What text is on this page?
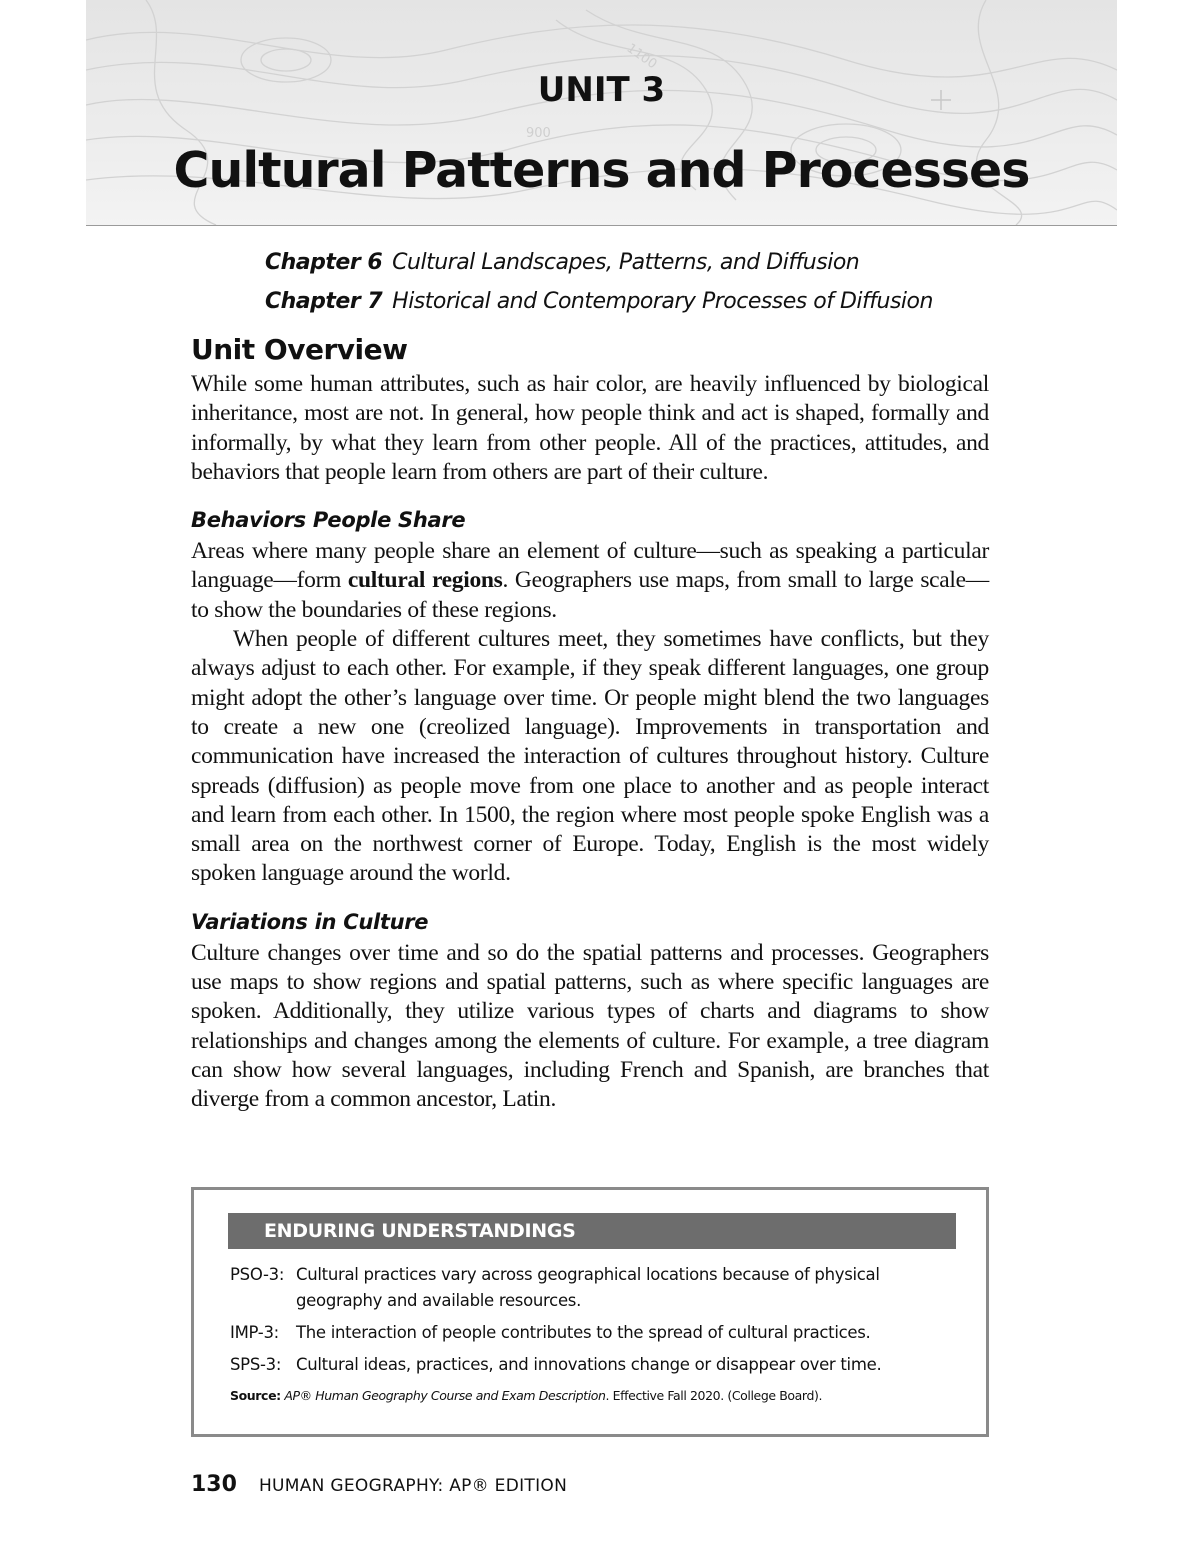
1100
900
UNIT 3
Cultural Patterns and Processes
Chapter 6 Cultural Landscapes, Patterns, and Diffusion
Chapter 7 Historical and Contemporary Processes of Diffusion
Unit Overview

While some human attributes, such as hair color, are heavily influenced by biological inheritance, most are not. In general, how people think and act is shaped, formally and informally, by what they learn from other people. All of the practices, attitudes, and behaviors that people learn from others are part of their culture.

Behaviors People Share

Areas where many people share an element of culture—such as speaking a particular language—form cultural regions. Geographers use maps, from small to large scale—to show the boundaries of these regions.

When people of different cultures meet, they sometimes have conflicts, but they always adjust to each other. For example, if they speak different languages, one group might adopt the other’s language over time. Or people might blend the two languages to create a new one (creolized language). Improvements in transportation and communication have increased the interaction of cultures throughout history. Culture spreads (diffusion) as people move from one place to another and as people interact and learn from each other. In 1500, the region where most people spoke English was a small area on the northwest corner of Europe. Today, English is the most widely spoken language around the world.

Variations in Culture

Culture changes over time and so do the spatial patterns and processes. Geographers use maps to show regions and spatial patterns, such as where specific languages are spoken. Additionally, they utilize various types of charts and diagrams to show relationships and changes among the elements of culture. For example, a tree diagram can show how several languages, including French and Spanish, are branches that diverge from a common ancestor, Latin.

ENDURING UNDERSTANDINGS
PSO-3: Cultural practices vary across geographical locations because of physical geography and available resources.
IMP-3:	The interaction of people contributes to the spread of cultural practices.
SPS-3: Cultural ideas, practices, and innovations change or disappear over time.
Source: AP® Human Geography Course and Exam Description. Effective Fall 2020. (College Board).
130 HUMAN GEOGRAPHY: AP® EDITION
